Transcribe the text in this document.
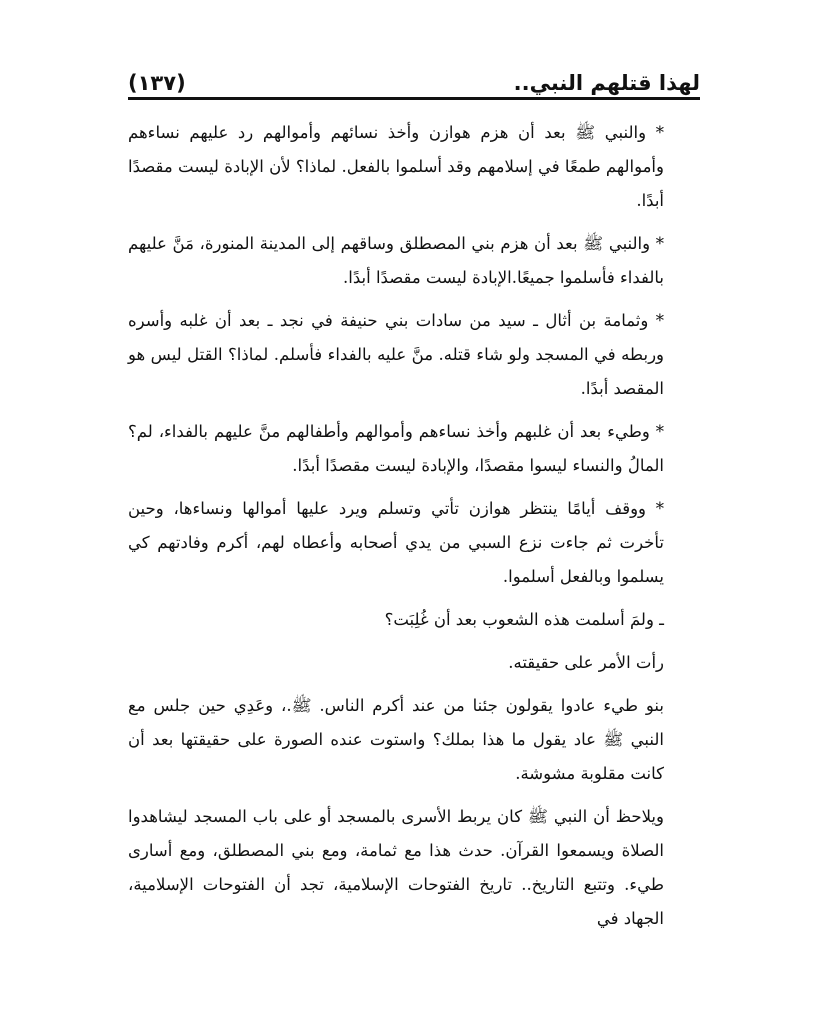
لهذا قتلهم النبي..
(١٣٧)

* والنبي ﷺ بعد أن هزم هوازن وأخذ نسائهم وأموالهم رد عليهم نساءهم وأموالهم طمعًا في إسلامهم وقد أسلموا بالفعل. لماذا؟ لأن الإبادة ليست مقصدًا أبدًا.

* والنبي ﷺ بعد أن هزم بني المصطلق وساقهم إلى المدينة المنورة، مَنَّ عليهم بالفداء فأسلموا جميعًا.الإبادة ليست مقصدًا أبدًا.

* وثمامة بن أثال ـ سيد من سادات بني حنيفة في نجد ـ بعد أن غلبه وأسره وربطه في المسجد ولو شاء قتله. منَّ عليه بالفداء فأسلم. لماذا؟ القتل ليس هو المقصد أبدًا.

* وطيء بعد أن غلبهم وأخذ نساءهم وأموالهم وأطفالهم منَّ عليهم بالفداء، لم؟ المالُ والنساء ليسوا مقصدًا، والإبادة ليست مقصدًا أبدًا.

* ووقف أيامًا ينتظر هوازن تأتي وتسلم ويرد عليها أموالها ونساءها، وحين تأخرت ثم جاءت نزع السبي من يدي أصحابه وأعطاه لهم، أكرم وفادتهم كي يسلموا وبالفعل أسلموا.

ـ ولمَ أسلمت هذه الشعوب بعد أن غُلِبَت؟

رأت الأمر على حقيقته.

بنو طيء عادوا يقولون جئنا من عند أكرم الناس. ﷺ.، وعَدِي حين جلس مع النبي ﷺ عاد يقول ما هذا بملك؟ واستوت عنده الصورة على حقيقتها بعد أن كانت مقلوبة مشوشة.

ويلاحظ أن النبي ﷺ كان يربط الأسرى بالمسجد أو على باب المسجد ليشاهدوا الصلاة ويسمعوا القرآن. حدث هذا مع ثمامة، ومع بني المصطلق، ومع أسارى طيء. وتتبع التاريخ.. تاريخ الفتوحات الإسلامية، تجد أن الفتوحات الإسلامية، الجهاد في
